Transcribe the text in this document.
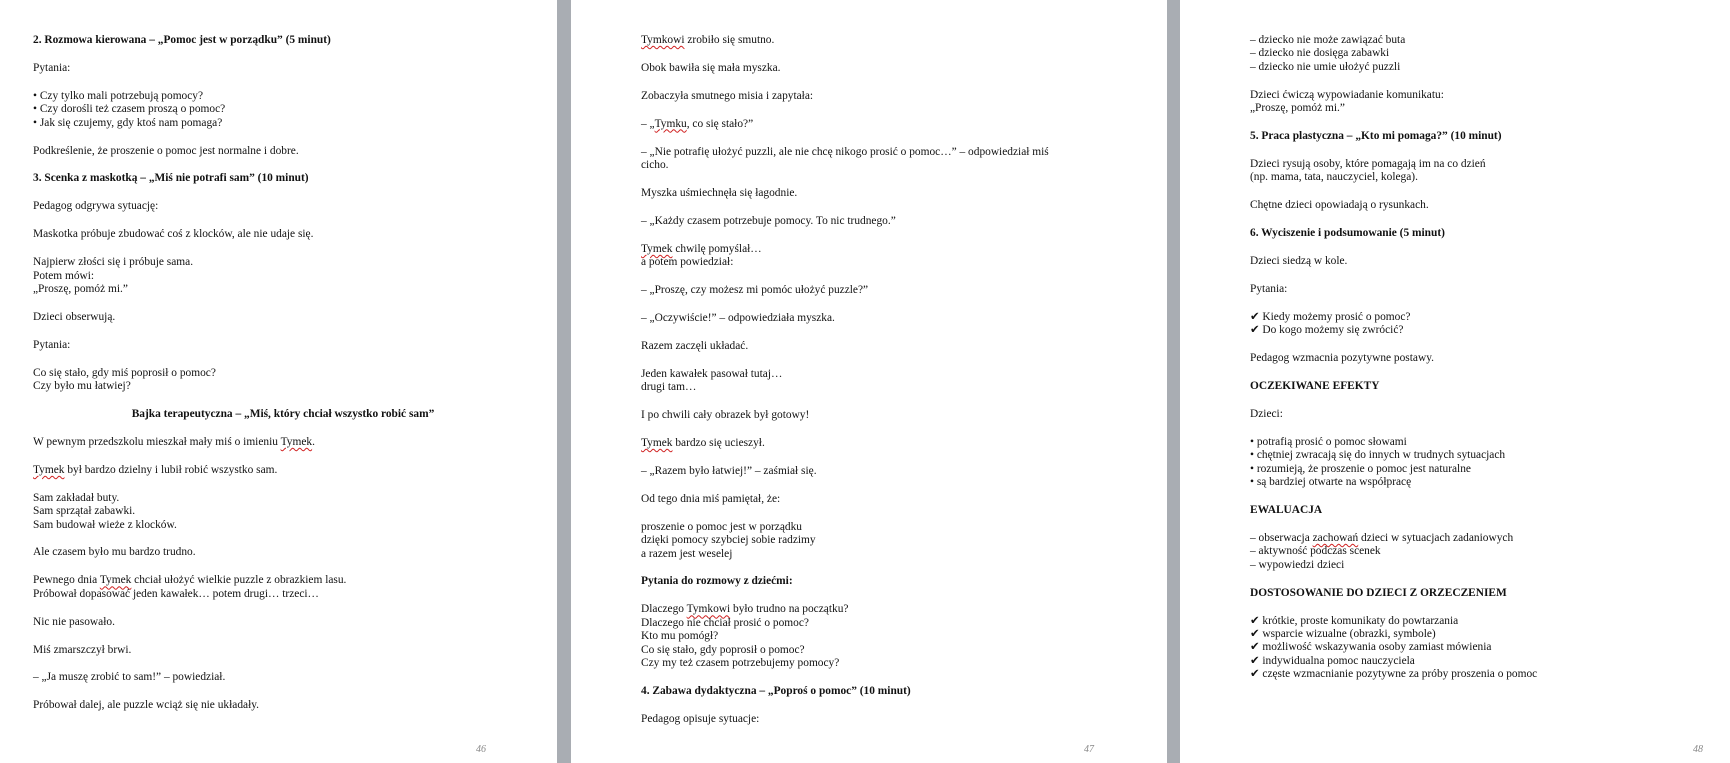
2. Rozmowa kierowana – „Pomoc jest w porządku” (5 minut)
Pytania:
• Czy tylko mali potrzebują pomocy?
• Czy dorośli też czasem proszą o pomoc?
• Jak się czujemy, gdy ktoś nam pomaga?
Podkreślenie, że proszenie o pomoc jest normalne i dobre.
3. Scenka z maskotką – „Miś nie potrafi sam” (10 minut)
Pedagog odgrywa sytuację:
Maskotka próbuje zbudować coś z klocków, ale nie udaje się.
Najpierw złości się i próbuje sama.
Potem mówi:
„Proszę, pomóż mi.”
Dzieci obserwują.
Pytania:
Co się stało, gdy miś poprosił o pomoc?
Czy było mu łatwiej?
Bajka terapeutyczna – „Miś, który chciał wszystko robić sam”
W pewnym przedszkolu mieszkał mały miś o imieniu Tymek.
Tymek był bardzo dzielny i lubił robić wszystko sam.
Sam zakładał buty.
Sam sprzątał zabawki.
Sam budował wieże z klocków.
Ale czasem było mu bardzo trudno.
Pewnego dnia Tymek chciał ułożyć wielkie puzzle z obrazkiem lasu.
Próbował dopasować jeden kawałek… potem drugi… trzeci…
Nic nie pasowało.
Miś zmarszczył brwi.
– „Ja muszę zrobić to sam!” – powiedział.
Próbował dalej, ale puzzle wciąż się nie układały.
46
Tymkowi zrobiło się smutno.
Obok bawiła się mała myszka.
Zobaczyła smutnego misia i zapytała:
– „Tymku, co się stało?”
– „Nie potrafię ułożyć puzzli, ale nie chcę nikogo prosić o pomoc…” – odpowiedział miś
cicho.
Myszka uśmiechnęła się łagodnie.
– „Każdy czasem potrzebuje pomocy. To nic trudnego.”
Tymek chwilę pomyślał…
a potem powiedział:
– „Proszę, czy możesz mi pomóc ułożyć puzzle?”
– „Oczywiście!” – odpowiedziała myszka.
Razem zaczęli układać.
Jeden kawałek pasował tutaj…
drugi tam…
I po chwili cały obrazek był gotowy!
Tymek bardzo się ucieszył.
– „Razem było łatwiej!” – zaśmiał się.
Od tego dnia miś pamiętał, że:
proszenie o pomoc jest w porządku
dzięki pomocy szybciej sobie radzimy
a razem jest weselej
Pytania do rozmowy z dziećmi:
Dlaczego Tymkowi było trudno na początku?
Dlaczego nie chciał prosić o pomoc?
Kto mu pomógł?
Co się stało, gdy poprosił o pomoc?
Czy my też czasem potrzebujemy pomocy?
4. Zabawa dydaktyczna – „Poproś o pomoc” (10 minut)
Pedagog opisuje sytuacje:
47
– dziecko nie może zawiązać buta
– dziecko nie dosięga zabawki
– dziecko nie umie ułożyć puzzli
Dzieci ćwiczą wypowiadanie komunikatu:
„Proszę, pomóż mi.”
5. Praca plastyczna – „Kto mi pomaga?” (10 minut)
Dzieci rysują osoby, które pomagają im na co dzień
(np. mama, tata, nauczyciel, kolega).
Chętne dzieci opowiadają o rysunkach.
6. Wyciszenie i podsumowanie (5 minut)
Dzieci siedzą w kole.
Pytania:
✔ Kiedy możemy prosić o pomoc?
✔ Do kogo możemy się zwrócić?
Pedagog wzmacnia pozytywne postawy.
OCZEKIWANE EFEKTY
Dzieci:
• potrafią prosić o pomoc słowami
• chętniej zwracają się do innych w trudnych sytuacjach
• rozumieją, że proszenie o pomoc jest naturalne
• są bardziej otwarte na współpracę
EWALUACJA
– obserwacja zachowań dzieci w sytuacjach zadaniowych
– aktywność podczas scenek
– wypowiedzi dzieci
DOSTOSOWANIE DO DZIECI Z ORZECZENIEM
✔ krótkie, proste komunikaty do powtarzania
✔ wsparcie wizualne (obrazki, symbole)
✔ możliwość wskazywania osoby zamiast mówienia
✔ indywidualna pomoc nauczyciela
✔ częste wzmacnianie pozytywne za próby proszenia o pomoc
48
